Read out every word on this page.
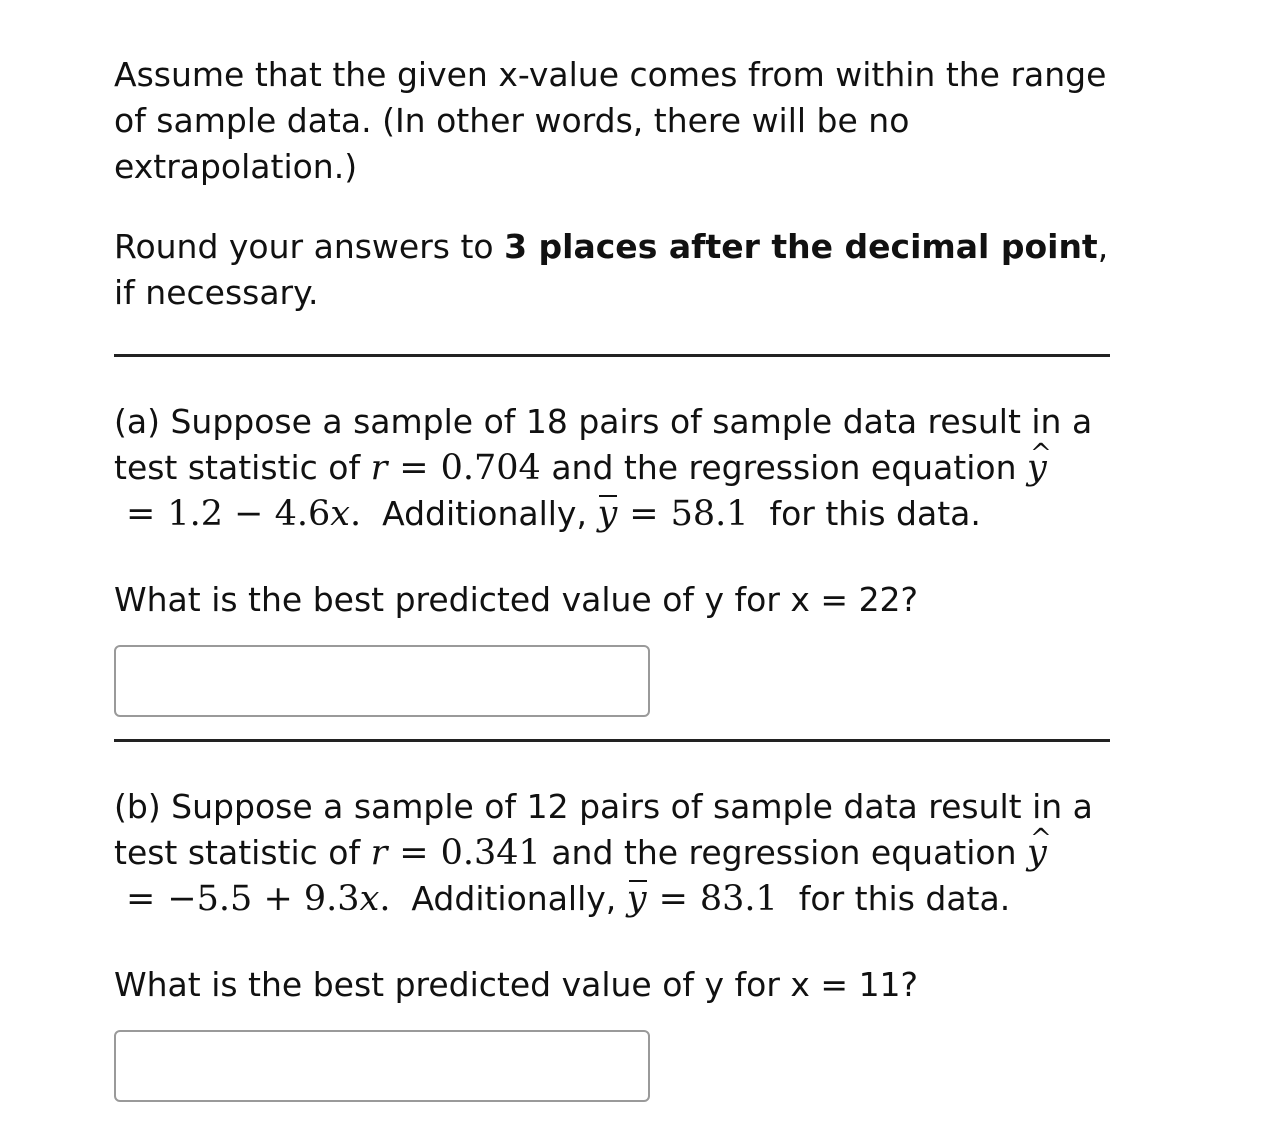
Assume that the given x-value comes from within the range of sample data. (In other words, there will be no extrapolation.)

Round your answers to 3 places after the decimal point, if necessary.

(a) Suppose a sample of 18 pairs of sample data result in a test statistic of r = 0.704 and the regression equation ^ y= 1.2 − 4.6x.  Additionally, y = 58.1  for this data.

What is the best predicted value of y for x = 22?

(b) Suppose a sample of 12 pairs of sample data result in a test statistic of r = 0.341 and the regression equation ^ y= −5.5 + 9.3x.  Additionally, y = 83.1  for this data.

What is the best predicted value of y for x = 11?
